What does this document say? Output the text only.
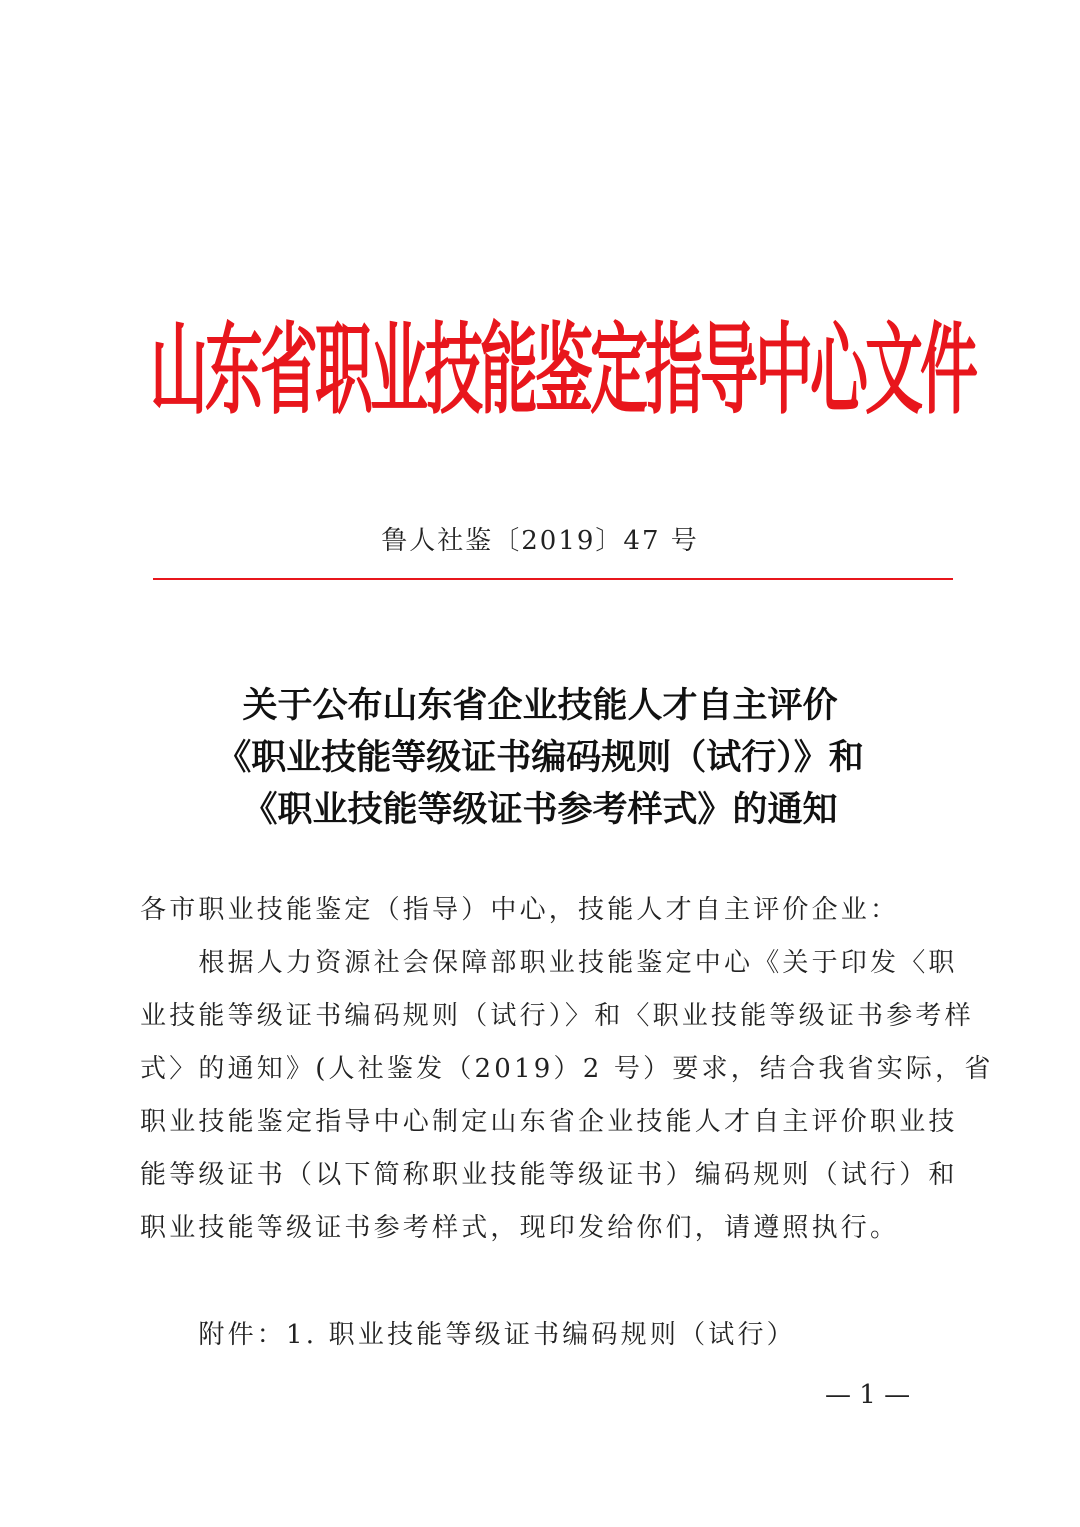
山东省职业技能鉴定指导中心文件
鲁人社鉴〔2019〕47 号
关于公布山东省企业技能人才自主评价
《职业技能等级证书编码规则（试行）》和
《职业技能等级证书参考样式》的通知
各市职业技能鉴定（指导）中心，技能人才自主评价企业：
　　根据人力资源社会保障部职业技能鉴定中心《关于印发〈职
业技能等级证书编码规则（试行）〉和〈职业技能等级证书参考样
式〉的通知》(人社鉴发（2019）2 号）要求，结合我省实际，省
职业技能鉴定指导中心制定山东省企业技能人才自主评价职业技
能等级证书（以下简称职业技能等级证书）编码规则（试行）和
职业技能等级证书参考样式，现印发给你们，请遵照执行。
　　附件：1. 职业技能等级证书编码规则（试行）
— 1 —
